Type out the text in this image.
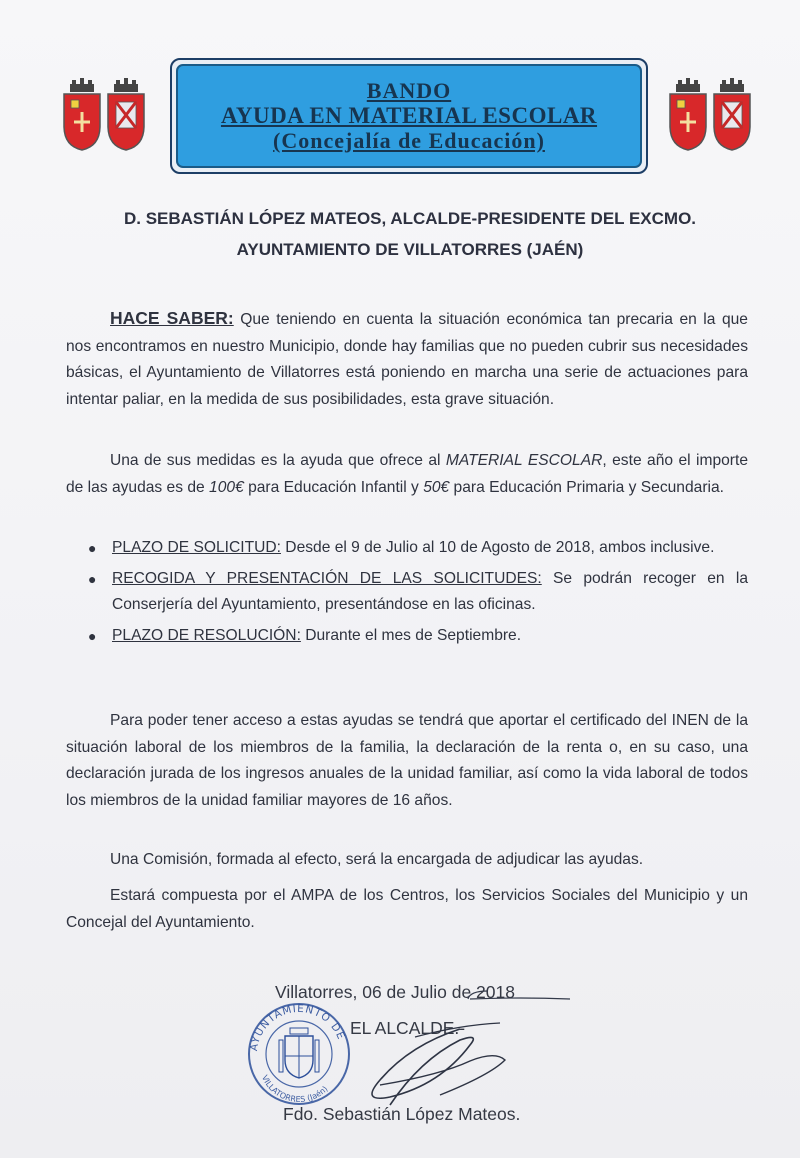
BANDO
AYUDA EN MATERIAL ESCOLAR
(Concejalía de Educación)
D. SEBASTIÁN LÓPEZ MATEOS, ALCALDE-PRESIDENTE DEL EXCMO.
AYUNTAMIENTO DE VILLATORRES (JAÉN)

HACE SABER: Que teniendo en cuenta la situación económica tan precaria en la que nos encontramos en nuestro Municipio, donde hay familias que no pueden cubrir sus necesidades básicas, el Ayuntamiento de Villatorres está poniendo en marcha una serie de actuaciones para intentar paliar, en la medida de sus posibilidades, esta grave situación.

Una de sus medidas es la ayuda que ofrece al MATERIAL ESCOLAR, este año el importe de las ayudas es de 100€ para Educación Infantil y 50€ para Educación Primaria y Secundaria.

● PLAZO DE SOLICITUD: Desde el 9 de Julio al 10 de Agosto de 2018, ambos inclusive.
● RECOGIDA Y PRESENTACIÓN DE LAS SOLICITUDES: Se podrán recoger en la Conserjería del Ayuntamiento, presentándose en las oficinas.
● PLAZO DE RESOLUCIÓN: Durante el mes de Septiembre.

Para poder tener acceso a estas ayudas se tendrá que aportar el certificado del INEN de la situación laboral de los miembros de la familia, la declaración de la renta o, en su caso, una declaración jurada de los ingresos anuales de la unidad familiar, así como la vida laboral de todos los miembros de la unidad familiar mayores de 16 años.

Una Comisión, formada al efecto, será la encargada de adjudicar las ayudas.

Estará compuesta por el AMPA de los Centros, los Servicios Sociales del Municipio y un Concejal del Ayuntamiento.

AYUNTAMIENTO DE
VILLATORRES (Jaén)
Villatorres, 06 de Julio de 2018
EL ALCALDE.-
Fdo. Sebastián López Mateos.
